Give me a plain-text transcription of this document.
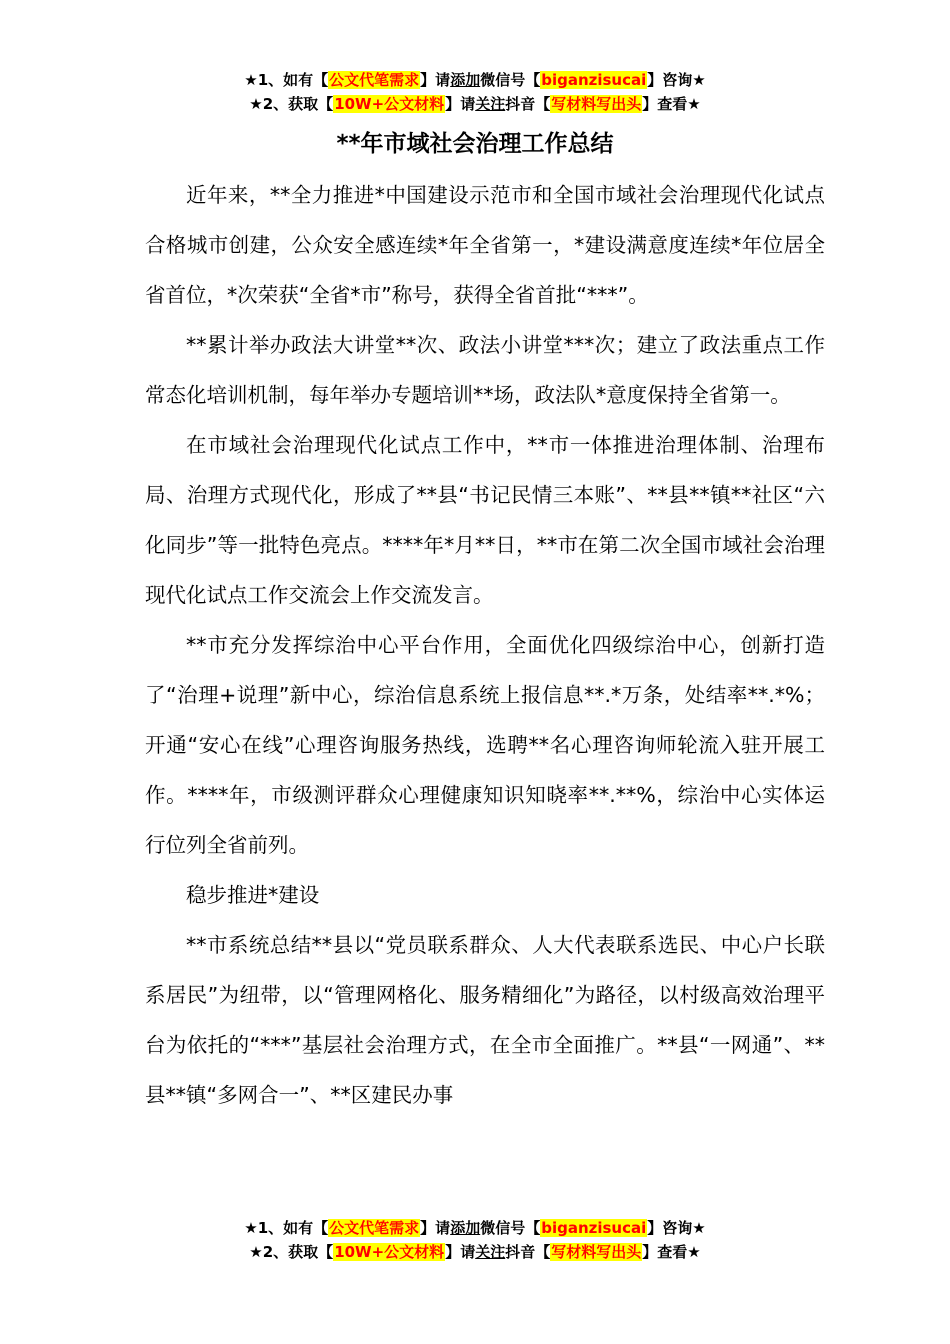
★1、如有【公文代笔需求】请添加微信号【biganzisucai】咨询★
★2、获取【10W+公文材料】请关注抖音【写材料写出头】查看★
**年市域社会治理工作总结

近年来，**全力推进*中国建设示范市和全国市域社会治理现代化试点合格城市创建，公众安全感连续*年全省第一，*建设满意度连续*年位居全省首位，*次荣获“全省*市”称号，获得全省首批“***”。

**累计举办政法大讲堂**次、政法小讲堂***次；建立了政法重点工作常态化培训机制，每年举办专题培训**场，政法队*意度保持全省第一。

在市域社会治理现代化试点工作中，**市一体推进治理体制、治理布局、治理方式现代化，形成了**县“书记民情三本账”、**县**镇**社区“六化同步”等一批特色亮点。****年*月**日，**市在第二次全国市域社会治理现代化试点工作交流会上作交流发言。

**市充分发挥综治中心平台作用，全面优化四级综治中心，创新打造了“治理+说理”新中心，综治信息系统上报信息**.*万条，处结率**.*%；开通“安心在线”心理咨询服务热线，选聘**名心理咨询师轮流入驻开展工作。****年，市级测评群众心理健康知识知晓率**.**%，综治中心实体运行位列全省前列。

稳步推进*建设

**市系统总结**县以“党员联系群众、人大代表联系选民、中心户长联系居民”为纽带，以“管理网格化、服务精细化”为路径，以村级高效治理平台为依托的“***”基层社会治理方式，在全市全面推广。**县“一网通”、**县**镇“多网合一”、**区建民办事

★1、如有【公文代笔需求】请添加微信号【biganzisucai】咨询★
★2、获取【10W+公文材料】请关注抖音【写材料写出头】查看★
